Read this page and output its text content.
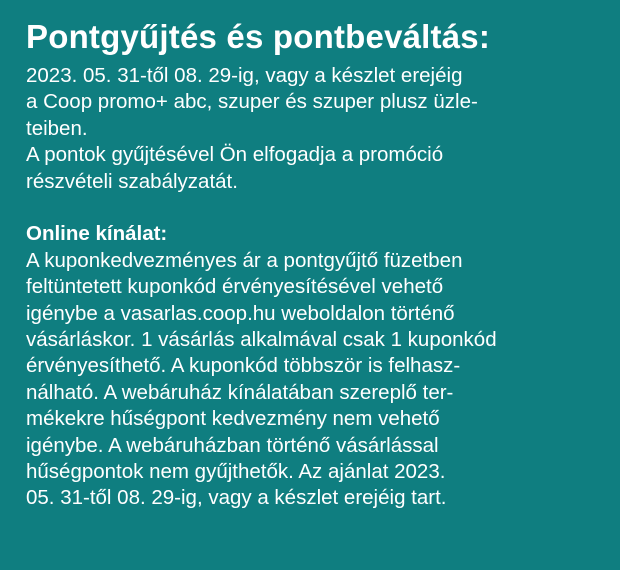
Pontgyűjtés és pontbeváltás:
2023. 05. 31-től 08. 29-ig, vagy a készlet erejéig
a Coop promo+ abc, szuper és szuper plusz üzle-
teiben.
A pontok gyűjtésével Ön elfogadja a promóció
részvételi szabályzatát.
Online kínálat:
A kuponkedvezményes ár a pontgyűjtő füzetben
feltüntetett kuponkód érvényesítésével vehető
igénybe a vasarlas.coop.hu weboldalon történő
vásárláskor. 1 vásárlás alkalmával csak 1 kuponkód
érvényesíthető. A kuponkód többször is felhasz-
nálható. A webáruház kínálatában szereplő ter-
mékekre hűségpont kedvezmény nem vehető
igénybe. A webáruházban történő vásárlással
hűségpontok nem gyűjthetők. Az ajánlat 2023.
05. 31-től 08. 29-ig, vagy a készlet erejéig tart.
